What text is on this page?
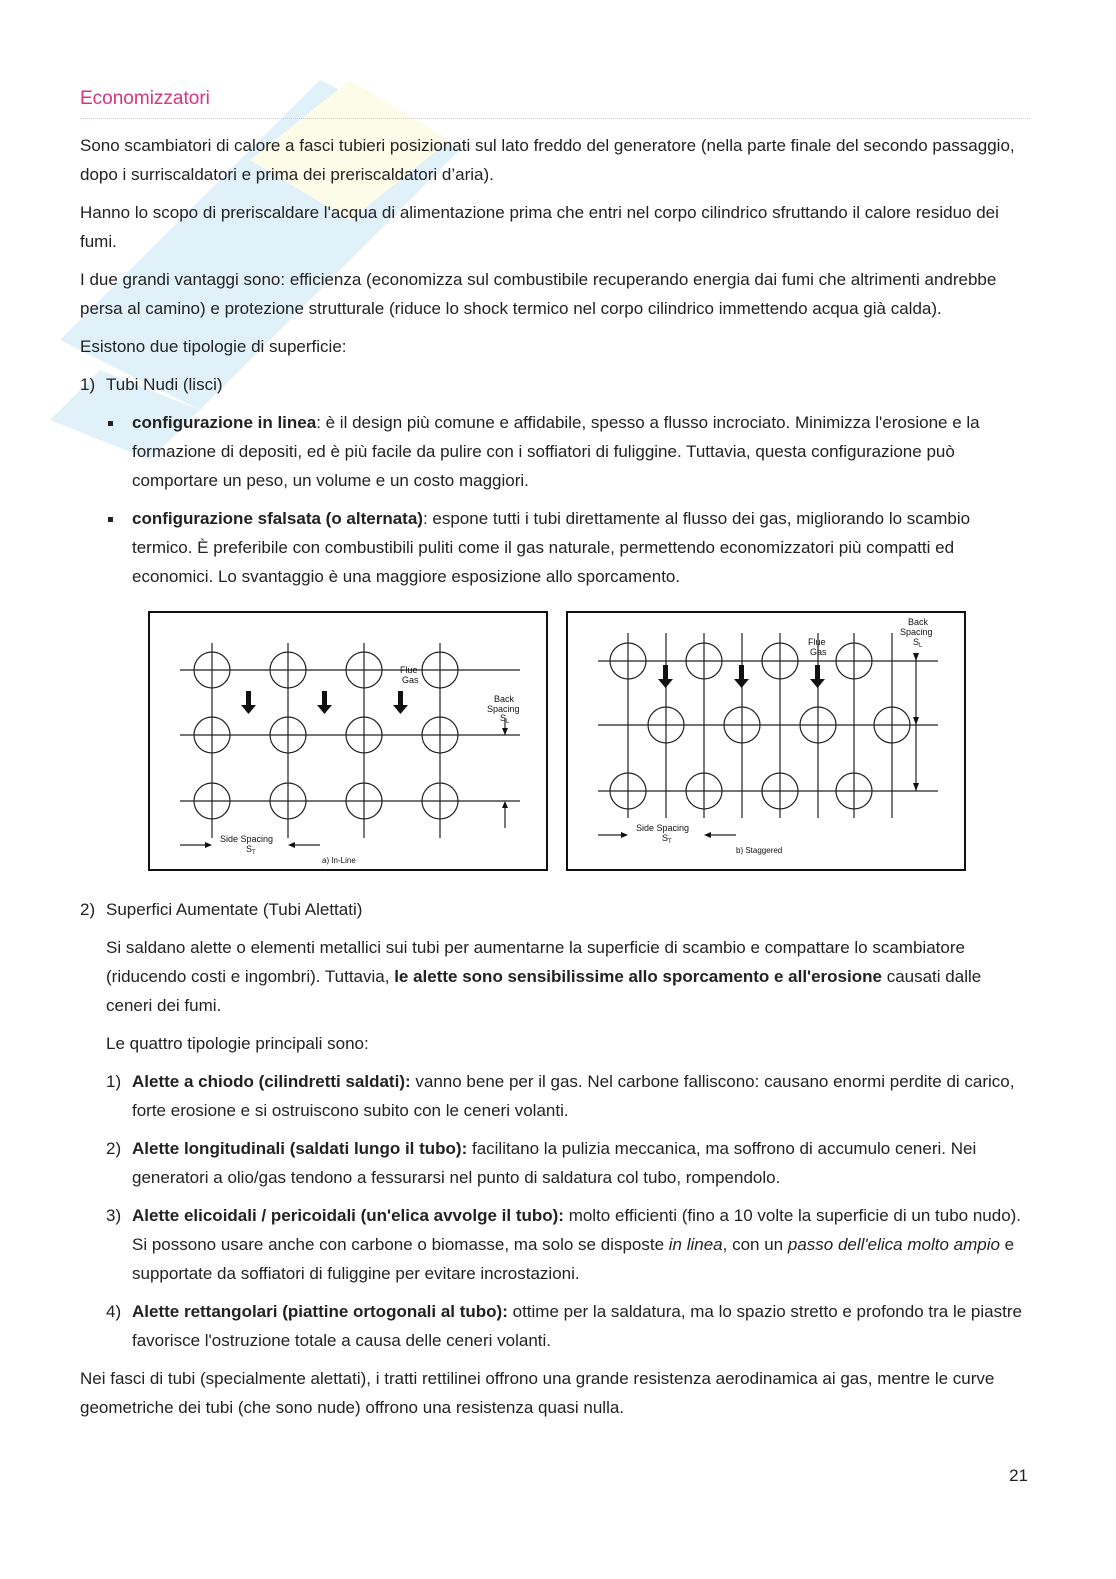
Economizzatori

Sono scambiatori di calore a fasci tubieri posizionati sul lato freddo del generatore (nella parte finale del secondo passaggio, dopo i surriscaldatori e prima dei preriscaldatori d’aria).

Hanno lo scopo di preriscaldare l'acqua di alimentazione prima che entri nel corpo cilindrico sfruttando il calore residuo dei fumi.

I due grandi vantaggi sono: efficienza (economizza sul combustibile recuperando energia dai fumi che altrimenti andrebbe persa al camino) e protezione strutturale (riduce lo shock termico nel corpo cilindrico immettendo acqua già calda).

Esistono due tipologie di superficie:

1) Tubi Nudi (lisci)
configurazione in linea: è il design più comune e affidabile, spesso a flusso incrociato. Minimizza l'erosione e la formazione di depositi, ed è più facile da pulire con i soffiatori di fuliggine. Tuttavia, questa configurazione può comportare un peso, un volume e un costo maggiori.
configurazione sfalsata (o alternata): espone tutti i tubi direttamente al flusso dei gas, migliorando lo scambio termico. È preferibile con combustibili puliti come il gas naturale, permettendo economizzatori più compatti ed economici. Lo svantaggio è una maggiore esposizione allo sporcamento.
Flue
Gas
Back
Spacing
S L
Side Spacing
S T
a) In-Line
Flue
Gas
Back
Spacing
S L
Side Spacing
S T
b) Staggered
2) Superfici Aumentate (Tubi Alettati)

Si saldano alette o elementi metallici sui tubi per aumentarne la superficie di scambio e compattare lo scambiatore (riducendo costi e ingombri). Tuttavia, le alette sono sensibilissime allo sporcamento e all'erosione causati dalle ceneri dei fumi.

Le quattro tipologie principali sono:

1) Alette a chiodo (cilindretti saldati): vanno bene per il gas. Nel carbone falliscono: causano enormi perdite di carico, forte erosione e si ostruiscono subito con le ceneri volanti.
2) Alette longitudinali (saldati lungo il tubo): facilitano la pulizia meccanica, ma soffrono di accumulo ceneri. Nei generatori a olio/gas tendono a fessurarsi nel punto di saldatura col tubo, rompendolo.
3) Alette elicoidali / pericoidali (un'elica avvolge il tubo): molto efficienti (fino a 10 volte la superficie di un tubo nudo). Si possono usare anche con carbone o biomasse, ma solo se disposte in linea, con un passo dell'elica molto ampio e supportate da soffiatori di fuliggine per evitare incrostazioni.
4) Alette rettangolari (piattine ortogonali al tubo): ottime per la saldatura, ma lo spazio stretto e profondo tra le piastre favorisce l'ostruzione totale a causa delle ceneri volanti.

Nei fasci di tubi (specialmente alettati), i tratti rettilinei offrono una grande resistenza aerodinamica ai gas, mentre le curve geometriche dei tubi (che sono nude) offrono una resistenza quasi nulla.

21
